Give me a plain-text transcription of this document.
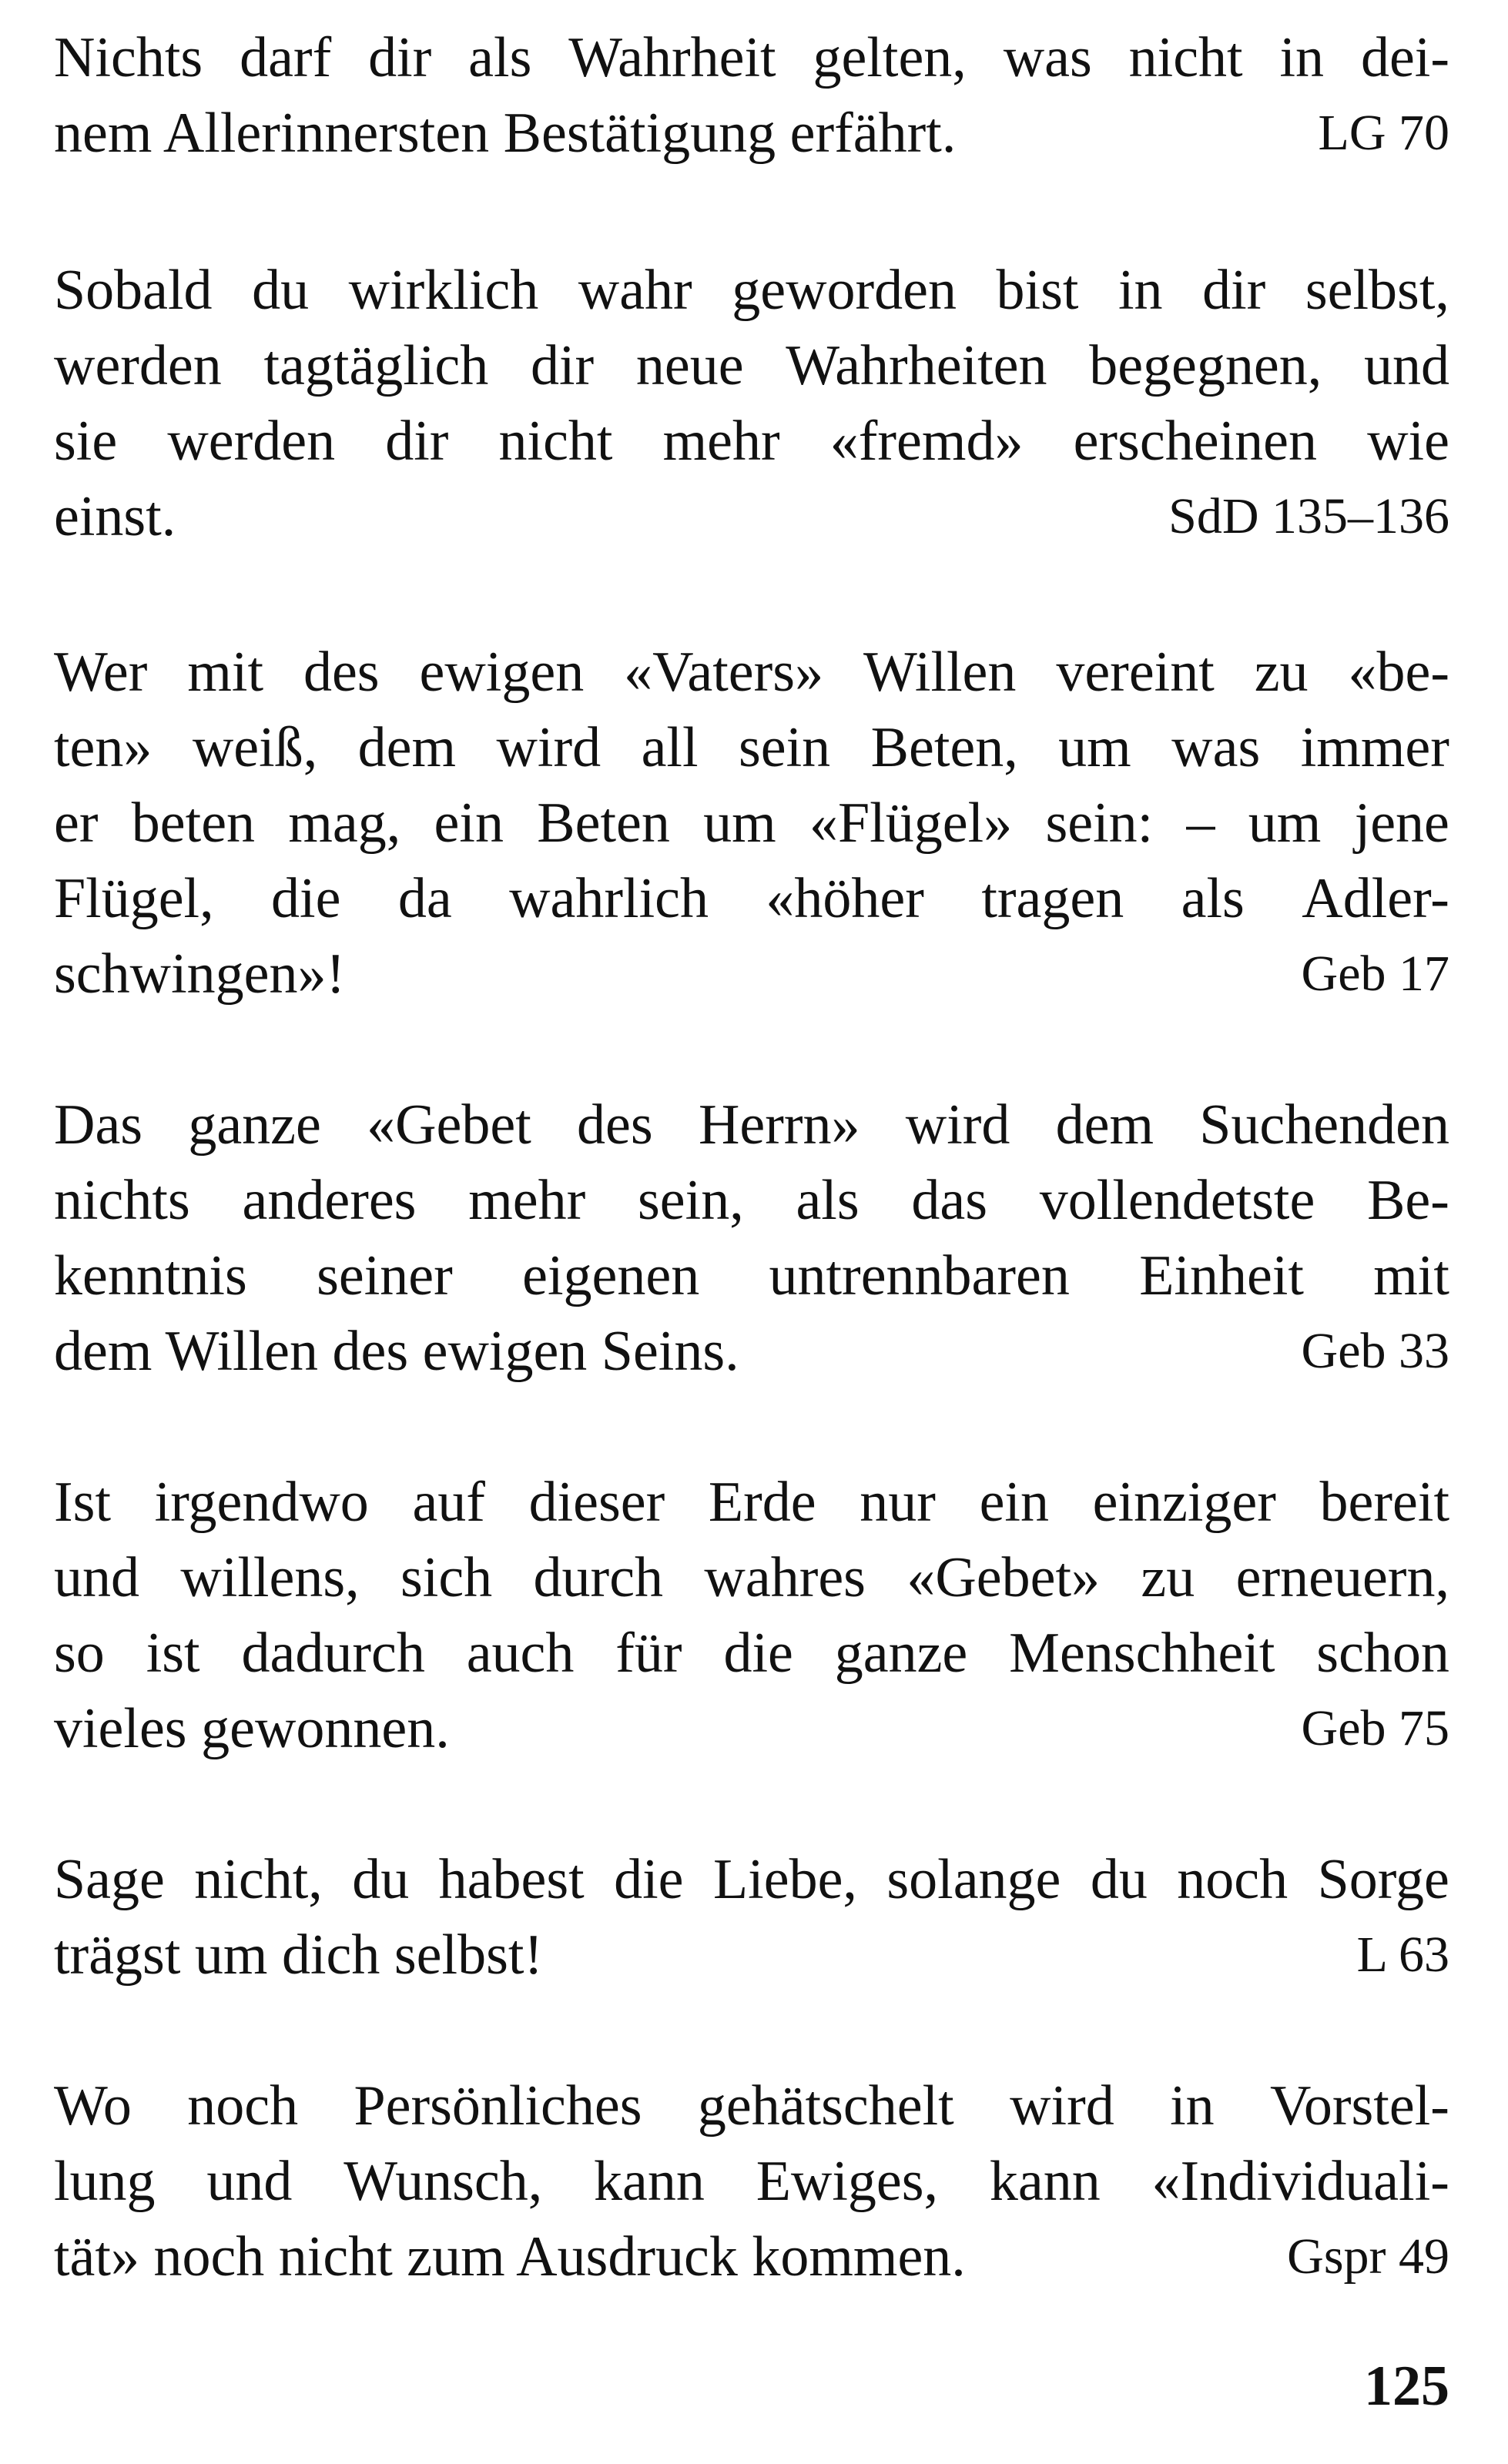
Nichts darf dir als Wahrheit gelten, was nicht in dei-
nem Allerinnersten Bestätigung erfährt.	LG 70
Sobald du wirklich wahr geworden bist in dir selbst,
werden tagtäglich dir neue Wahrheiten begegnen, und
sie werden dir nicht mehr «fremd» erscheinen wie
einst.	SdD 135–136
Wer mit des ewigen «Vaters» Willen vereint zu «be-
ten» weiß, dem wird all sein Beten, um was immer
er beten mag, ein Beten um «Flügel» sein: – um jene
Flügel, die da wahrlich «höher tragen als Adler-
schwingen»!	Geb 17
Das ganze «Gebet des Herrn» wird dem Suchenden
nichts anderes mehr sein, als das vollendetste Be-
kenntnis seiner eigenen untrennbaren Einheit mit
dem Willen des ewigen Seins.	Geb 33
Ist irgendwo auf dieser Erde nur ein einziger bereit
und willens, sich durch wahres «Gebet» zu erneuern,
so ist dadurch auch für die ganze Menschheit schon
vieles gewonnen.	Geb 75
Sage nicht, du habest die Liebe, solange du noch Sorge
trägst um dich selbst!	L 63
Wo noch Persönliches gehätschelt wird in Vorstel-
lung und Wunsch, kann Ewiges, kann «Individuali-
tät» noch nicht zum Ausdruck kommen.	Gspr 49
125
